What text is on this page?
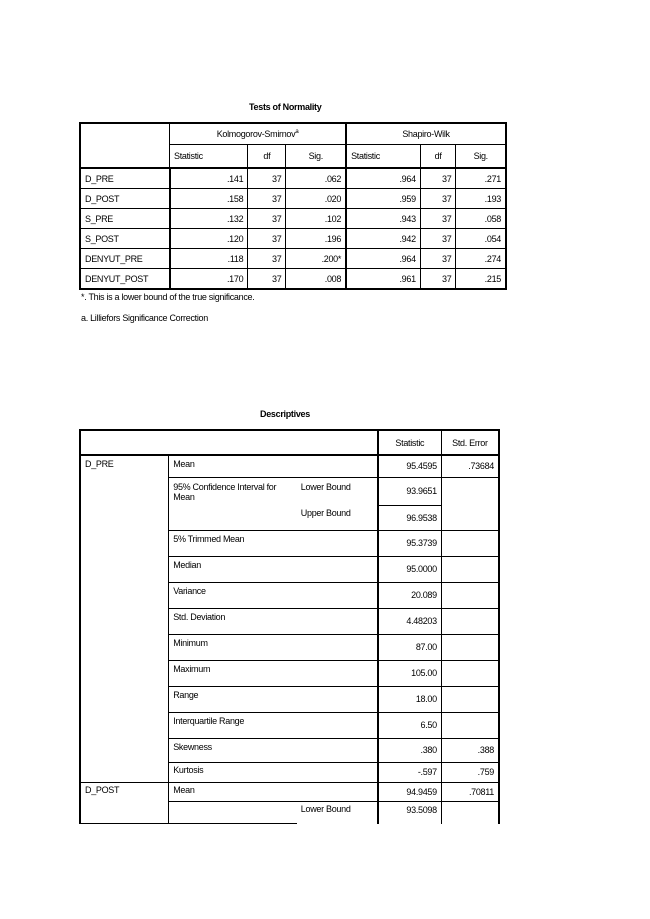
Tests of Normality
	Kolmogorov-Smirnov$^a$			Shapiro-Wilk		
	Statistic	df	Sig.	Statistic	df	Sig.
D_PRE	.141	37	.062	.964	37	.271
D_POST	.158	37	.020	.959	37	.193
S_PRE	.132	37	.102	.943	37	.058
S_POST	.120	37	.196	.942	37	.054
DENYUT_PRE	.118	37	.200*	.964	37	.274
DENYUT_POST	.170	37	.008	.961	37	.215
*. This is a lower bound of the true significance.
a. Lilliefors Significance Correction
Descriptives
			Statistic	Std. Error
D_PRE	Mean		95.4595	.73684
	95% Confidence Interval for Mean	Lower Bound	93.9651	
		Upper Bound	96.9538	
	5% Trimmed Mean		95.3739	
	Median		95.0000	
	Variance		20.089	
	Std. Deviation		4.48203	
	Minimum		87.00	
	Maximum		105.00	
	Range		18.00	
	Interquartile Range		6.50	
	Skewness		.380	.388
	Kurtosis		-.597	.759

D_POST	Mean		94.9459	.70811
		Lower Bound	93.5098	
